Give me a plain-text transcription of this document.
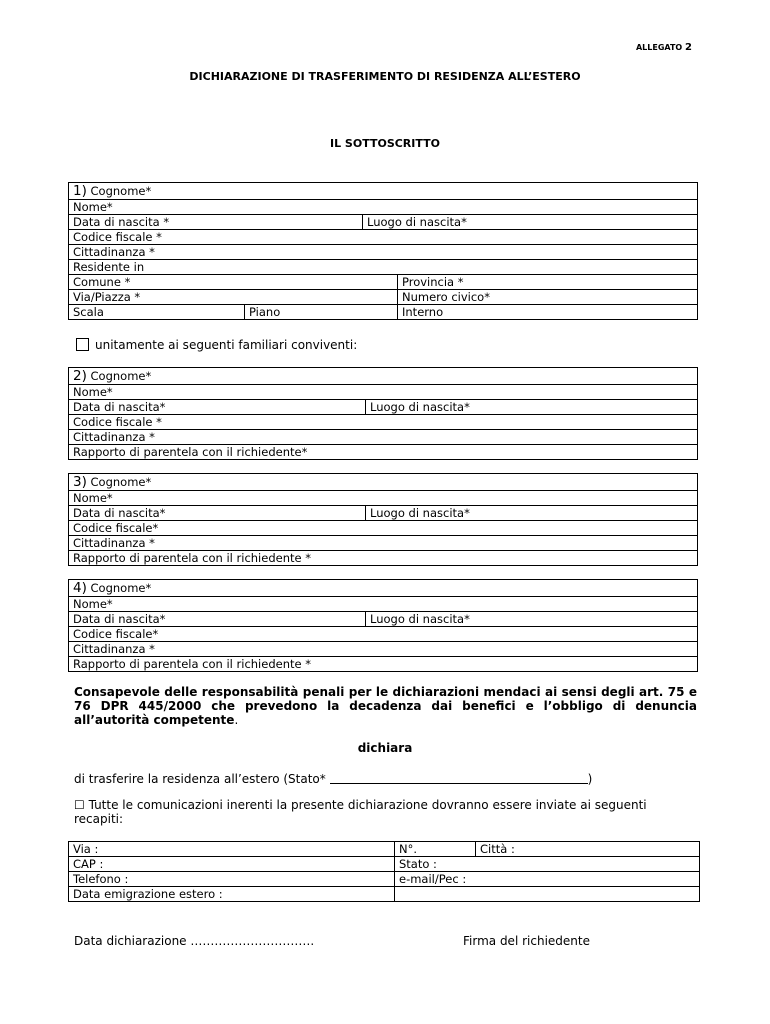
ALLEGATO 2
DICHIARAZIONE DI TRASFERIMENTO DI RESIDENZA ALL’ESTERO
IL SOTTOSCRITTO
1) Cognome*			
Nome*			
Data di nascita *		Luogo di nascita*	
Codice fiscale *			
Cittadinanza *			
Residente in			
Comune *			Provincia *
Via/Piazza *			Numero civico*
Scala	Piano		Interno
unitamente ai seguenti familiari conviventi:
2) Cognome*
Nome*
Data di nascita*	Luogo di nascita*
Codice fiscale *
Cittadinanza *
Rapporto di parentela con il richiedente*
3) Cognome*
Nome*
Data di nascita*	Luogo di nascita*
Codice fiscale*
Cittadinanza *
Rapporto di parentela con il richiedente *
4) Cognome*
Nome*
Data di nascita*	Luogo di nascita*
Codice fiscale*
Cittadinanza *
Rapporto di parentela con il richiedente *
Consapevole delle responsabilità penali per le dichiarazioni mendaci ai sensi degli art. 75 e 76 DPR 445/2000 che prevedono la decadenza dai benefici e l’obbligo di denuncia all’autorità competente.
dichiara
di trasferire la residenza all’estero (Stato*	)
☐ Tutte le comunicazioni inerenti la presente dichiarazione dovranno essere inviate ai seguenti recapiti:
Via :	N°.	Città :
CAP :	Stato :	
Telefono :	e-mail/Pec :	
Data emigrazione estero :		
Data dichiarazione ………………………….	Firma del richiedente
